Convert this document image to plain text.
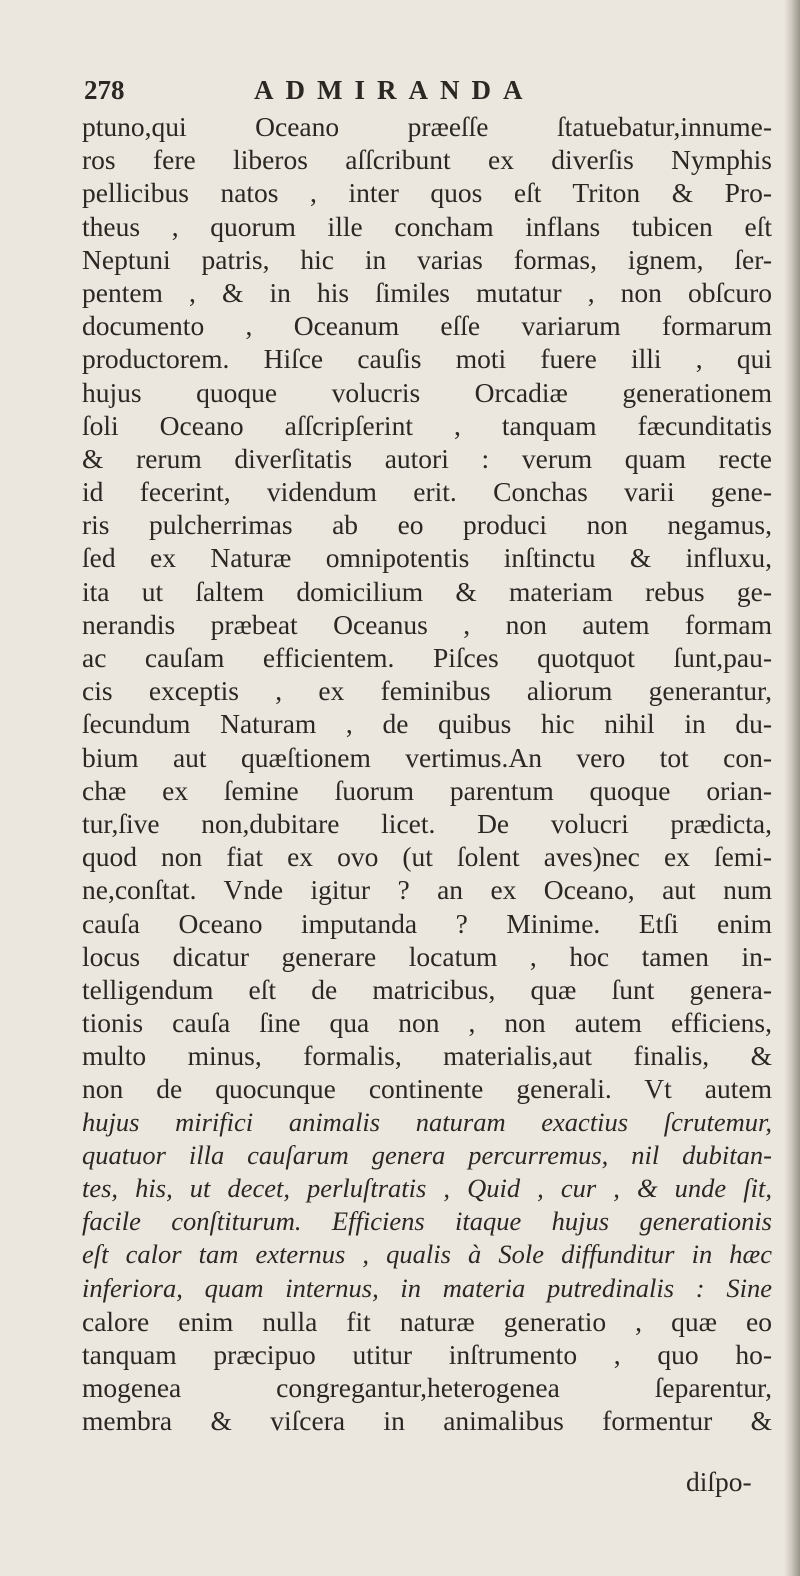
278	ADMIRANDA
ptuno,qui Oceano præeſſe ſtatuebatur,innume-
ros fere liberos aſſcribunt ex diverſis Nymphis
pellicibus natos , inter quos eſt Triton & Pro-
theus , quorum ille concham inflans tubicen eſt
Neptuni patris, hic in varias formas, ignem, ſer-
pentem , & in his ſimiles mutatur , non obſcuro
documento , Oceanum eſſe variarum formarum
productorem. Hiſce cauſis moti fuere illi , qui
hujus quoque volucris Orcadiæ generationem
ſoli Oceano aſſcripſerint , tanquam fæcunditatis
& rerum diverſitatis autori : verum quam recte
id fecerint, videndum erit. Conchas varii gene-
ris pulcherrimas ab eo produci non negamus,
ſed ex Naturæ omnipotentis inſtinctu & influxu,
ita ut ſaltem domicilium & materiam rebus ge-
nerandis præbeat Oceanus , non autem formam
ac cauſam efficientem. Piſces quotquot ſunt,pau-
cis exceptis , ex feminibus aliorum generantur,
ſecundum Naturam , de quibus hic nihil in du-
bium aut quæſtionem vertimus.An vero tot con-
chæ ex ſemine ſuorum parentum quoque orian-
tur,ſive non,dubitare licet. De volucri prædicta,
quod non fiat ex ovo (ut ſolent aves)nec ex ſemi-
ne,conſtat. Vnde igitur ? an ex Oceano, aut num
cauſa Oceano imputanda ? Minime. Etſi enim
locus dicatur generare locatum , hoc tamen in-
telligendum eſt de matricibus, quæ ſunt genera-
tionis cauſa ſine qua non , non autem efficiens,
multo minus, formalis, materialis,aut finalis, &
non de quocunque continente generali. Vt autem
hujus mirifici animalis naturam exactius ſcrutemur,
quatuor illa cauſarum genera percurremus, nil dubitan-
tes, his, ut decet, perluſtratis , Quid , cur , & unde ſit,
facile conſtiturum. Efficiens itaque hujus generationis
eſt calor tam externus , qualis à Sole diffunditur in hæc
inferiora, quam internus, in materia putredinalis : Sine
calore enim nulla fit naturæ generatio , quæ eo
tanquam præcipuo utitur inſtrumento , quo ho-
mogenea congregantur,heterogenea ſeparentur,
membra & viſcera in animalibus formentur &
diſpo-
